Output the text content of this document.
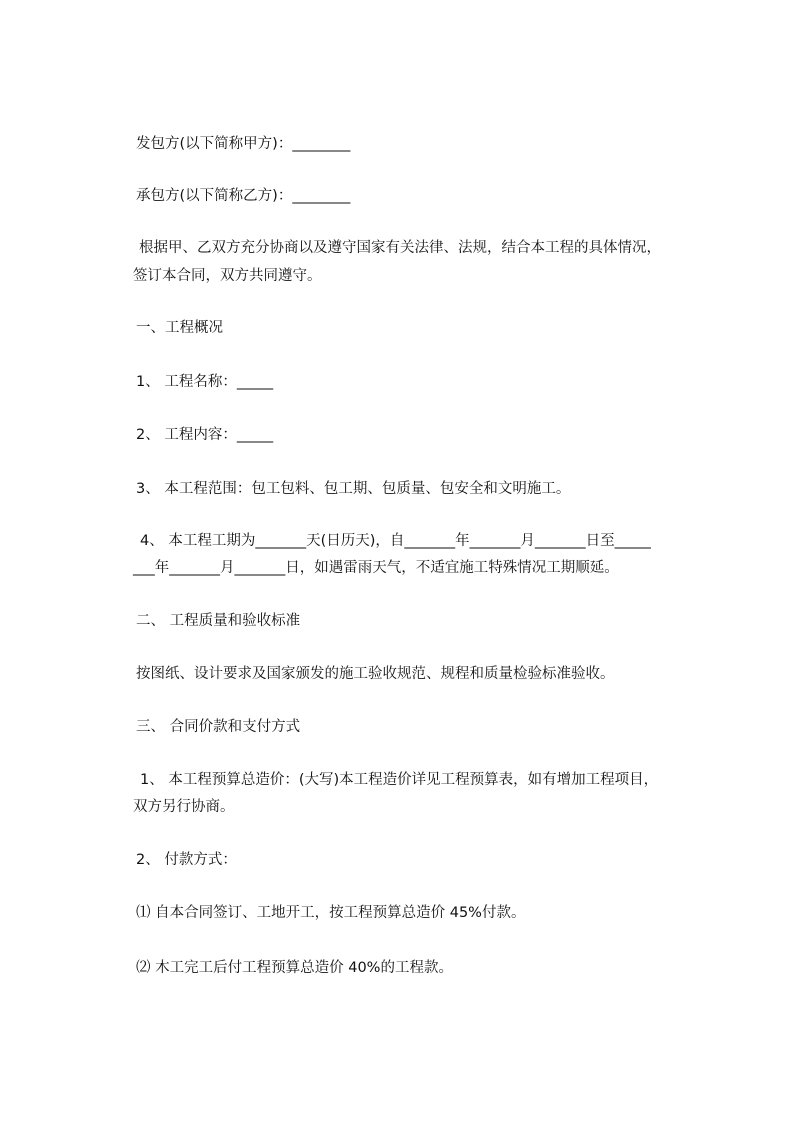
发包方(以下简称甲方)：________
承包方(以下简称乙方)：________
根据甲、乙双方充分协商以及遵守国家有关法律、法规，结合本工程的具体情况，
签订本合同，双方共同遵守。
一、工程概况
1、 工程名称：_____
2、 工程内容：_____
3、 本工程范围：包工包料、包工期、包质量、包安全和文明施工。
4、 本工程工期为_______天(日历天)，自_______年_______月_______日至_____
___年_______月_______日，如遇雷雨天气，不适宜施工特殊情况工期顺延。
二、 工程质量和验收标准
按图纸、设计要求及国家颁发的施工验收规范、规程和质量检验标准验收。
三、 合同价款和支付方式
1、 本工程预算总造价：(大写)本工程造价详见工程预算表，如有增加工程项目，
双方另行协商。
2、 付款方式：
⑴ 自本合同签订、工地开工，按工程预算总造价 45%付款。
⑵ 木工完工后付工程预算总造价 40%的工程款。
